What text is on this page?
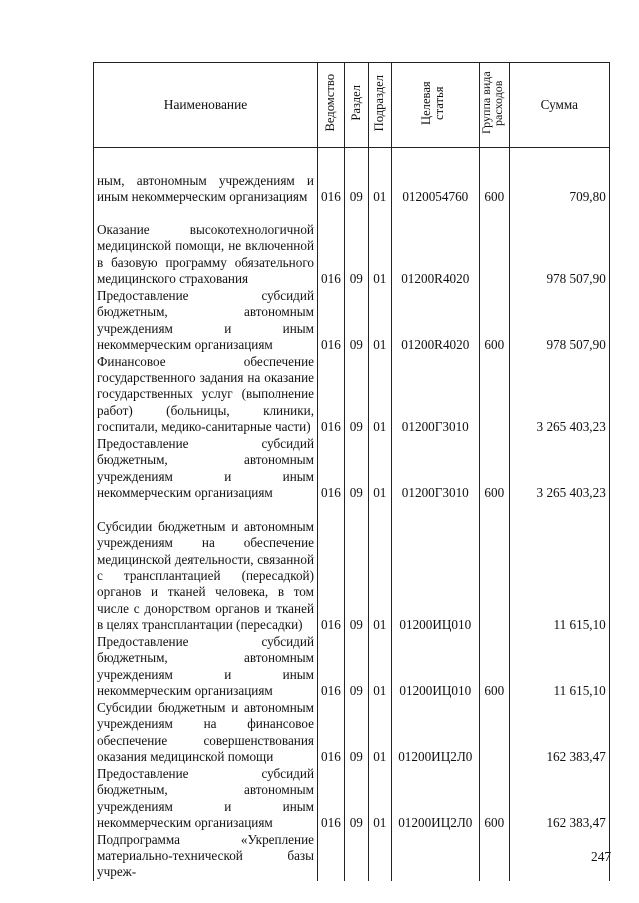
Наименование	Ведомство	Раздел	Подраздел	Целевая статья	Группа вида расходов	Сумма
ным, автономным учреждениям и иным некоммерческим организациям	016	09	01	0120054760	600	709,80
Оказание высокотехнологичной медицинской помощи, не включенной в базовую программу обязательного медицинского страхования	016	09	01	01200R4020		978 507,90
Предоставление субсидий бюджетным, автономным учреждениям и иным некоммерческим организациям	016	09	01	01200R4020	600	978 507,90
Финансовое обеспечение государственного задания на оказание государственных услуг (выполнение работ) (больницы, клиники, госпитали, медико-санитарные части)	016	09	01	01200Г3010		3 265 403,23
Предоставление субсидий бюджетным, автономным учреждениям и иным некоммерческим организациям	016	09	01	01200Г3010	600	3 265 403,23
Субсидии бюджетным и автономным учреждениям на обеспечение медицинской деятельности, связанной с трансплантацией (пересадкой) органов и тканей человека, в том числе с донорством органов и тканей в целях трансплантации (пересадки)	016	09	01	01200ИЦ010		11 615,10
Предоставление субсидий бюджетным, автономным учреждениям и иным некоммерческим организациям	016	09	01	01200ИЦ010	600	11 615,10
Субсидии бюджетным и автономным учреждениям на финансовое обеспечение совершенствования оказания медицинской помощи	016	09	01	01200ИЦ2Л0		162 383,47
Предоставление субсидий бюджетным, автономным учреждениям и иным некоммерческим организациям	016	09	01	01200ИЦ2Л0	600	162 383,47
Подпрограмма «Укрепление материально-технической базы учреж-						
247
